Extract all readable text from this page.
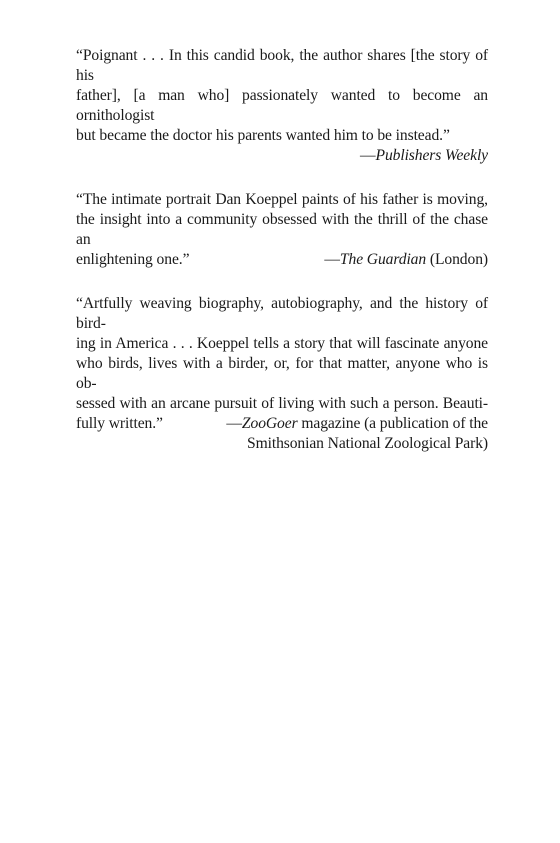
“Poignant . . . In this candid book, the author shares [the story of his
father], [a man who] passionately wanted to become an ornithologist
but became the doctor his parents wanted him to be instead.”
—Publishers Weekly
“The intimate portrait Dan Koeppel paints of his father is moving,
the insight into a community obsessed with the thrill of the chase an
enlightening one.”	—The Guardian (London)
“Artfully weaving biography, autobiography, and the history of bird-
ing in America . . . Koeppel tells a story that will fascinate anyone
who birds, lives with a birder, or, for that matter, anyone who is ob-
sessed with an arcane pursuit of living with such a person. Beauti-
fully written.”	—ZooGoer magazine (a publication of the
Smithsonian National Zoological Park)
